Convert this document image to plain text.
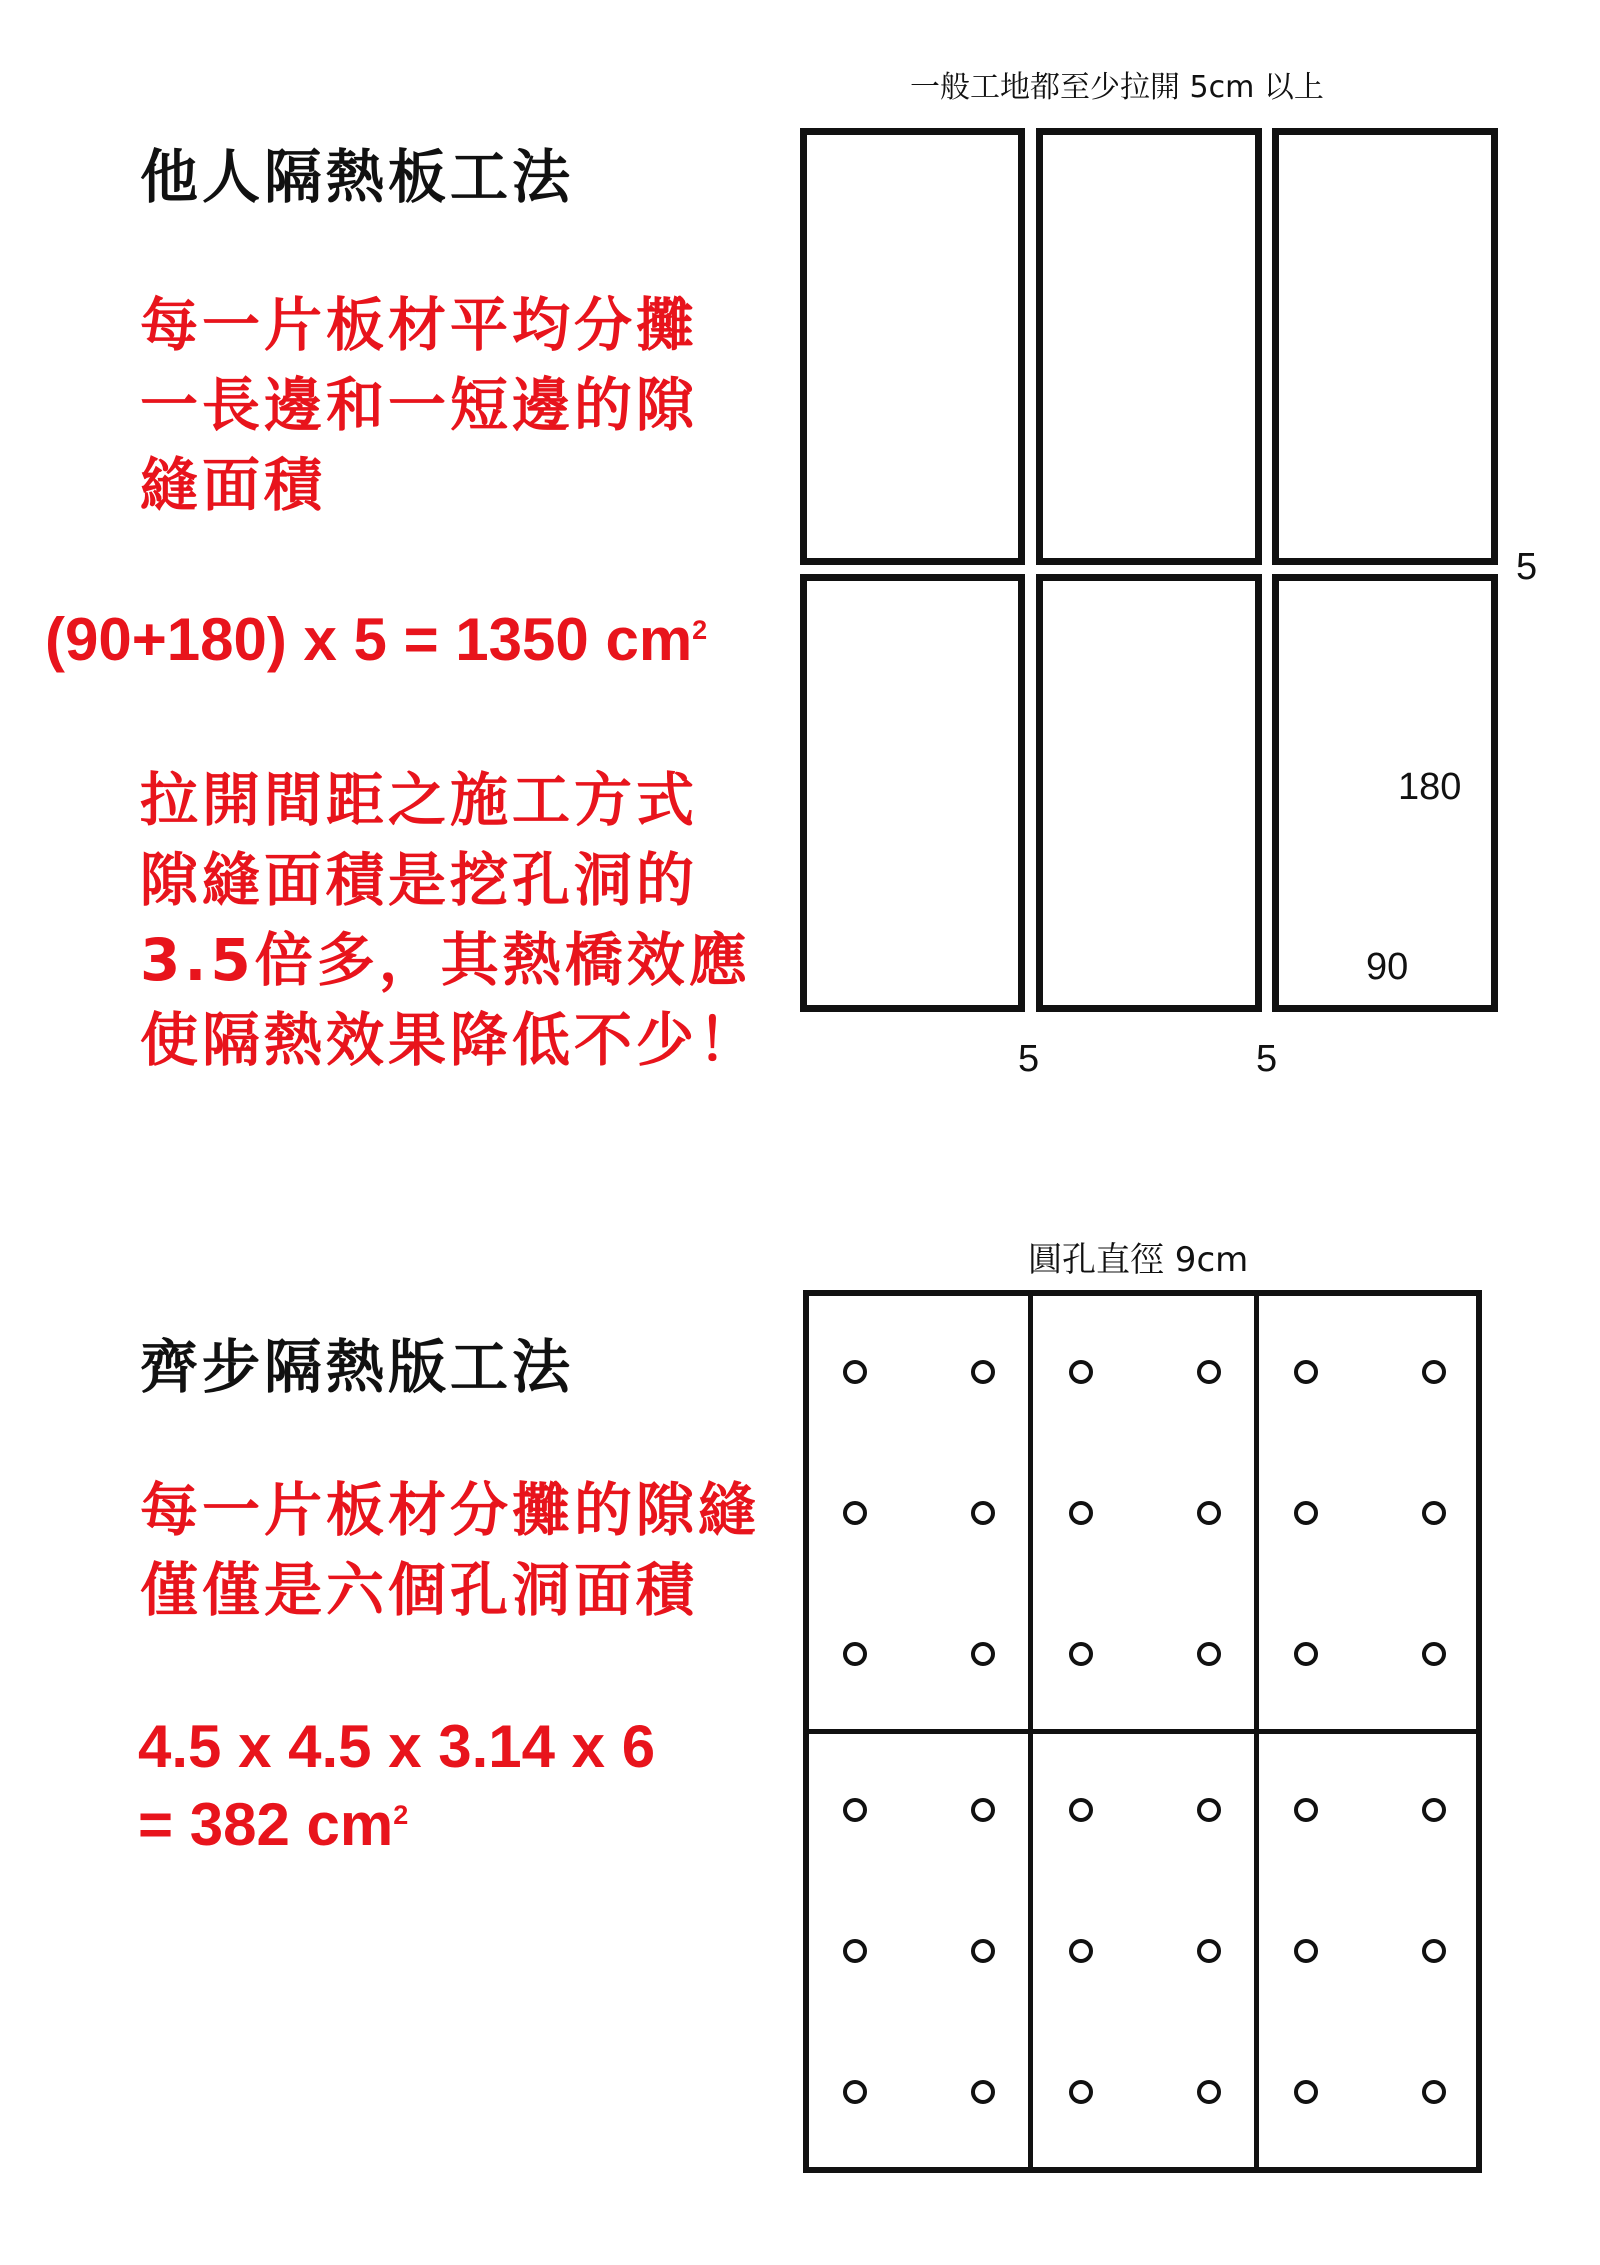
他人隔熱板工法
每一片板材平均分攤
一長邊和一短邊的隙
縫面積
(90+180) x 5 = 1350 $cm^2$
拉開間距之施工方式
隙縫面積是挖孔洞的
3.5倍多，其熱橋效應
使隔熱效果降低不少！
一般工地都至少拉開 5cm 以上
5
180
90
5	5
齊步隔熱版工法
每一片板材分攤的隙縫
僅僅是六個孔洞面積
4.5 x 4.5 x 3.14 x 6
= 382 $cm^2$
圓孔直徑 9cm
